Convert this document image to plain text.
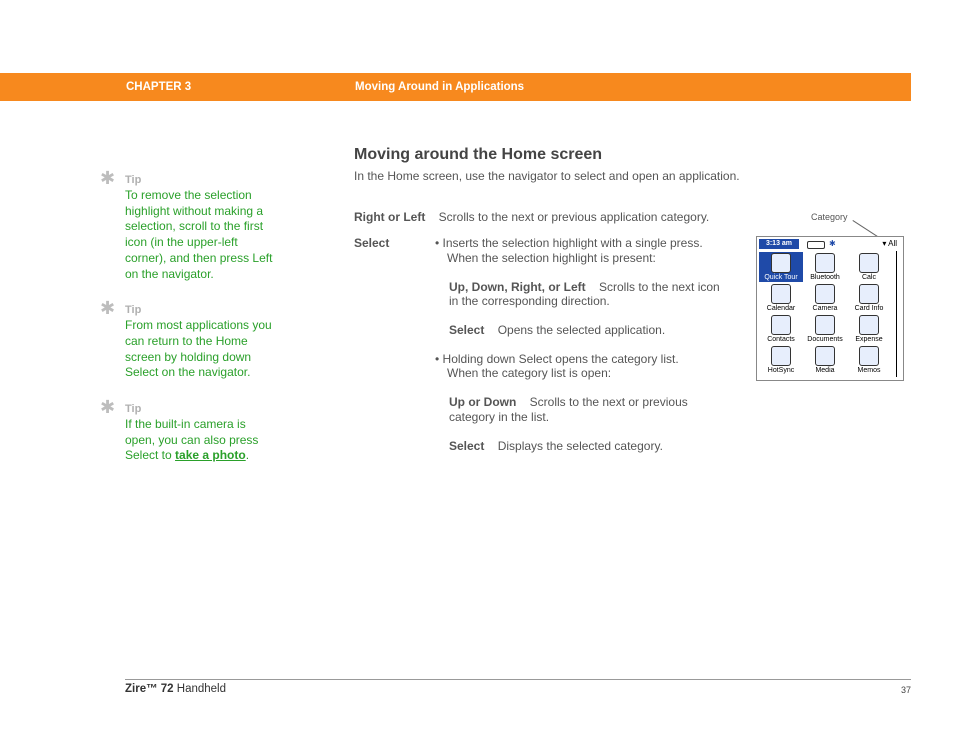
CHAPTER 3	Moving Around in Applications
✱ Tip
To remove the selection highlight without making a selection, scroll to the first icon (in the upper-left corner), and then press Left on the navigator.
✱ Tip
From most applications you can return to the Home screen by holding down Select on the navigator.
✱ Tip
If the built-in camera is open, you can also press Select to take a photo.
Moving around the Home screen
In the Home screen, use the navigator to select and open an application.
Right or Left Scrolls to the next or previous application category.
Select	• Inserts the selection highlight with a single press.
When the selection highlight is present:
Up, Down, Right, or Left Scrolls to the next icon
in the corresponding direction.
Select Opens the selected application.
• Holding down Select opens the category list.
When the category list is open:
Up or Down Scrolls to the next or previous
category in the list.
Select Displays the selected category.
Category
3:13 am	✱	▾ All
Quick Tour	Bluetooth	Calc
Calendar	Camera	Card Info
Contacts	Documents	Expense
HotSync	Media	Memos
Zire™ 72 Handheld	37
